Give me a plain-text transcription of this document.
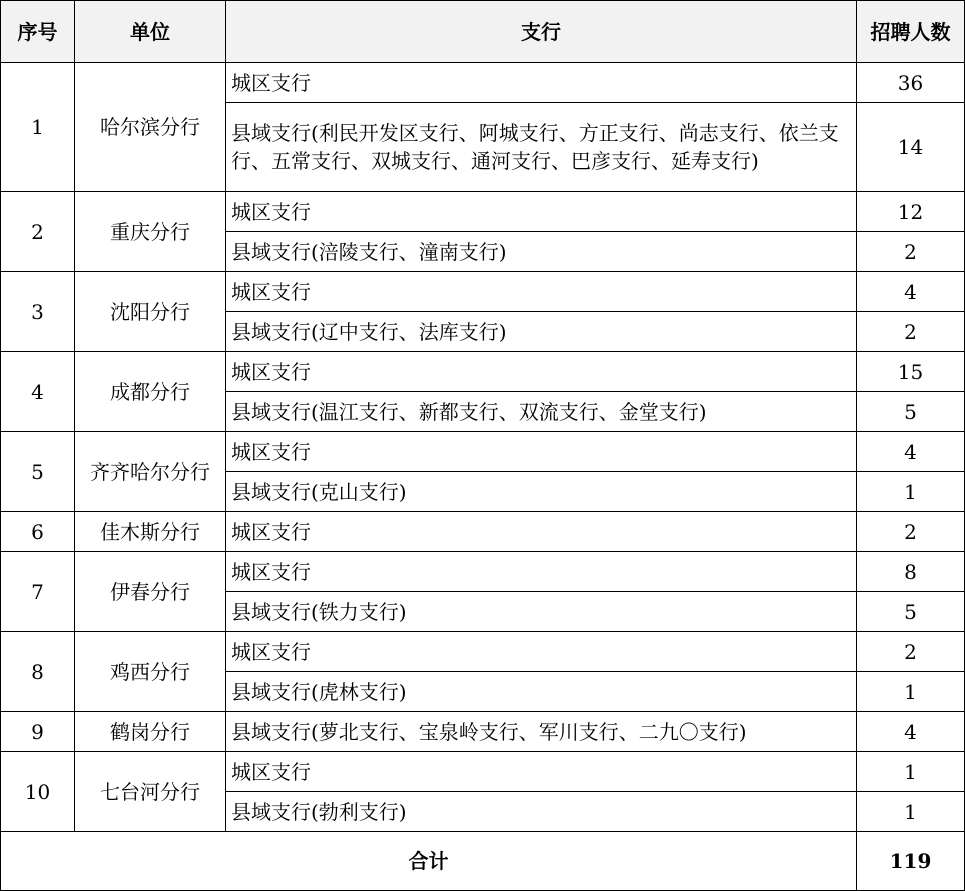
序号	单位	支行	招聘人数
1	哈尔滨分行	城区支行	36
		县域支行(利民开发区支行、阿城支行、方正支行、尚志支行、依兰支行、五常支行、双城支行、通河支行、巴彦支行、延寿支行)	14
2	重庆分行	城区支行	12
		县域支行(涪陵支行、潼南支行)	2
3	沈阳分行	城区支行	4
		县域支行(辽中支行、法库支行)	2
4	成都分行	城区支行	15
		县域支行(温江支行、新都支行、双流支行、金堂支行)	5
5	齐齐哈尔分行	城区支行	4
		县域支行(克山支行)	1
6	佳木斯分行	城区支行	2
7	伊春分行	城区支行	8
		县域支行(铁力支行)	5
8	鸡西分行	城区支行	2
		县域支行(虎林支行)	1
9	鹤岗分行	县域支行(萝北支行、宝泉岭支行、军川支行、二九〇支行)	4
10	七台河分行	城区支行	1
		县域支行(勃利支行)	1
合计			119
